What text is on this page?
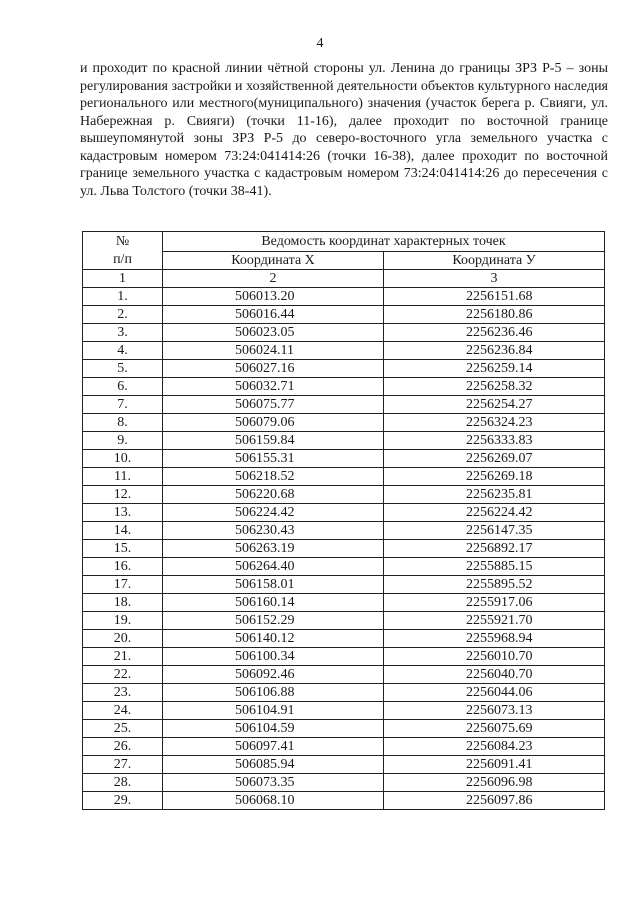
4

и проходит по красной линии чётной стороны ул. Ленина до границы ЗРЗ Р-5 – зоны регулирования застройки и хозяйственной деятельности объектов культурного наследия регионального или местного(муниципального) значения (участок берега р. Свияги, ул. Набережная р. Свияги) (точки 11-16), далее проходит по восточной границе вышеупомянутой зоны ЗРЗ Р-5 до северо-восточного угла земельного участка с кадастровым номером 73:24:041414:26 (точки 16-38), далее проходит по восточной границе земельного участка с кадастровым номером 73:24:041414:26 до пересечения с ул. Льва Толстого (точки 38-41).

№
п/п	Ведомость координат характерных точек	
	Координата Х	Координата У
1	2	3
1.	506013.20	2256151.68
2.	506016.44	2256180.86
3.	506023.05	2256236.46
4.	506024.11	2256236.84
5.	506027.16	2256259.14
6.	506032.71	2256258.32
7.	506075.77	2256254.27
8.	506079.06	2256324.23
9.	506159.84	2256333.83
10.	506155.31	2256269.07
11.	506218.52	2256269.18
12.	506220.68	2256235.81
13.	506224.42	2256224.42
14.	506230.43	2256147.35
15.	506263.19	2256892.17
16.	506264.40	2255885.15
17.	506158.01	2255895.52
18.	506160.14	2255917.06
19.	506152.29	2255921.70
20.	506140.12	2255968.94
21.	506100.34	2256010.70
22.	506092.46	2256040.70
23.	506106.88	2256044.06
24.	506104.91	2256073.13
25.	506104.59	2256075.69
26.	506097.41	2256084.23
27.	506085.94	2256091.41
28.	506073.35	2256096.98
29.	506068.10	2256097.86
